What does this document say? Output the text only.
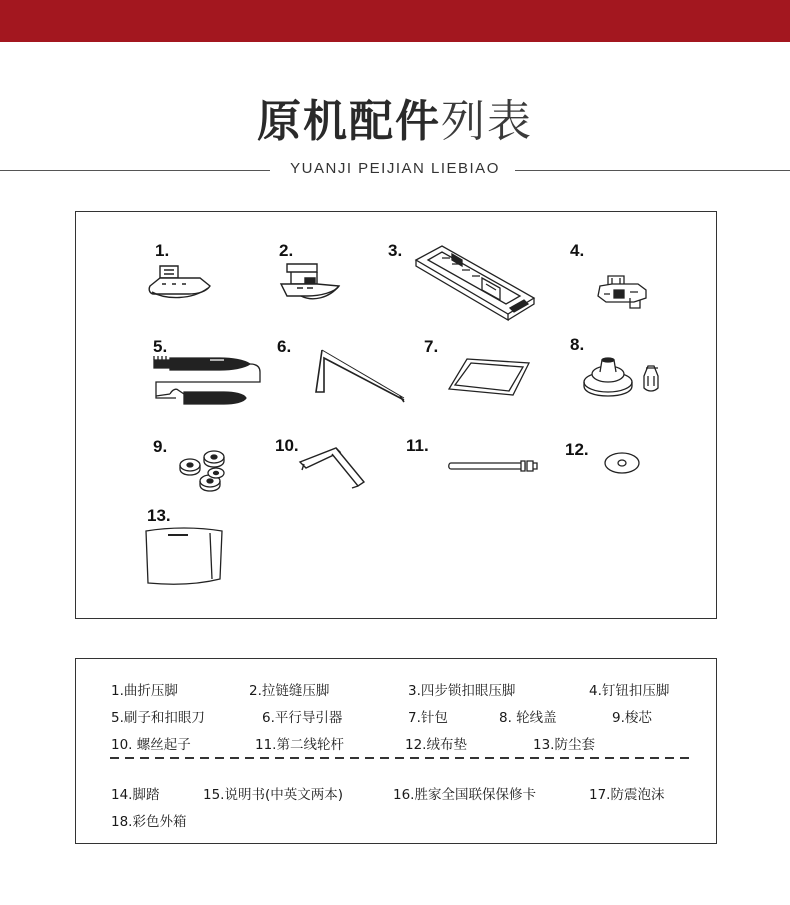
原机配件列表
YUANJI PEIJIAN LIEBIAO
1.	2.	3.	4.
5.	6.	7.	8.
9.	10.	11.	12.
13.
1.曲折压脚	2.拉链缝压脚	3.四步锁扣眼压脚	4.钉钮扣压脚
5.刷子和扣眼刀	6.平行导引器	7.针包	8. 轮线盖	9.梭芯
10. 螺丝起子	11.第二线轮杆	12.绒布垫	13.防尘套
14.脚踏	15.说明书(中英文两本)	16.胜家全国联保保修卡	17.防震泡沫
18.彩色外箱
